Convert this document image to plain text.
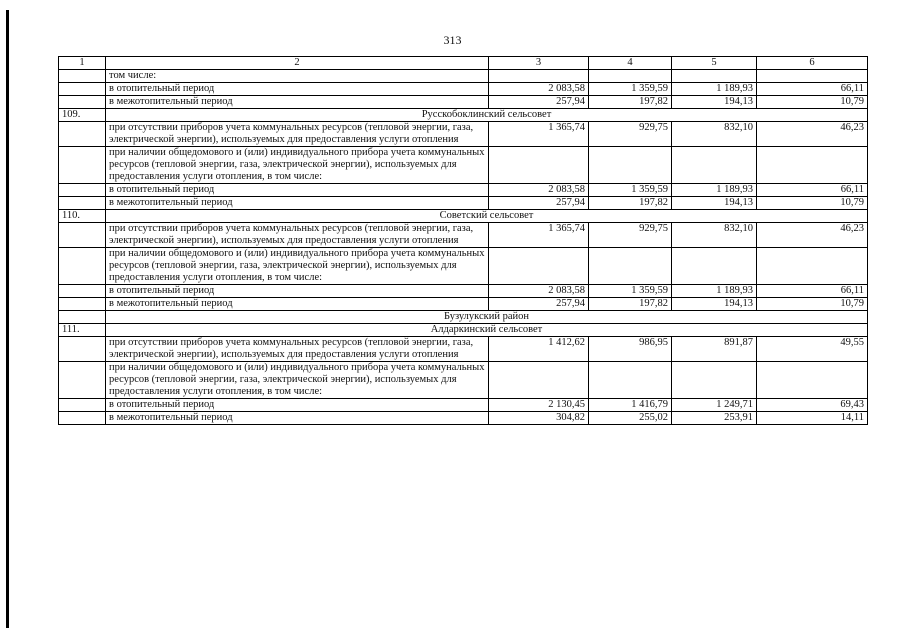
313
1	2	3	4	5	6
	том числе:				
	в отопительный период	2 083,58	1 359,59	1 189,93	66,11
	в межотопительный период	257,94	197,82	194,13	10,79
109.	Русскобоклинский сельсовет				
	при отсутствии приборов учета коммунальных ресурсов (тепловой энергии, газа, электрической энергии), используемых для предоставления услуги отопления	1 365,74	929,75	832,10	46,23
	при наличии общедомового и (или) индивидуального прибора учета коммунальных ресурсов (тепловой энергии, газа, электрической энергии), используемых для предоставления услуги отопления, в том числе:				
	в отопительный период	2 083,58	1 359,59	1 189,93	66,11
	в межотопительный период	257,94	197,82	194,13	10,79
110.	Советский сельсовет				
	при отсутствии приборов учета коммунальных ресурсов (тепловой энергии, газа, электрической энергии), используемых для предоставления услуги отопления	1 365,74	929,75	832,10	46,23
	при наличии общедомового и (или) индивидуального прибора учета коммунальных ресурсов (тепловой энергии, газа, электрической энергии), используемых для предоставления услуги отопления, в том числе:				
	в отопительный период	2 083,58	1 359,59	1 189,93	66,11
	в межотопительный период	257,94	197,82	194,13	10,79
	Бузулукский район				
111.	Алдаркинский сельсовет				
	при отсутствии приборов учета коммунальных ресурсов (тепловой энергии, газа, электрической энергии), используемых для предоставления услуги отопления	1 412,62	986,95	891,87	49,55
	при наличии общедомового и (или) индивидуального прибора учета коммунальных ресурсов (тепловой энергии, газа, электрической энергии), используемых для предоставления услуги отопления, в том числе:				
	в отопительный период	2 130,45	1 416,79	1 249,71	69,43
	в межотопительный период	304,82	255,02	253,91	14,11
